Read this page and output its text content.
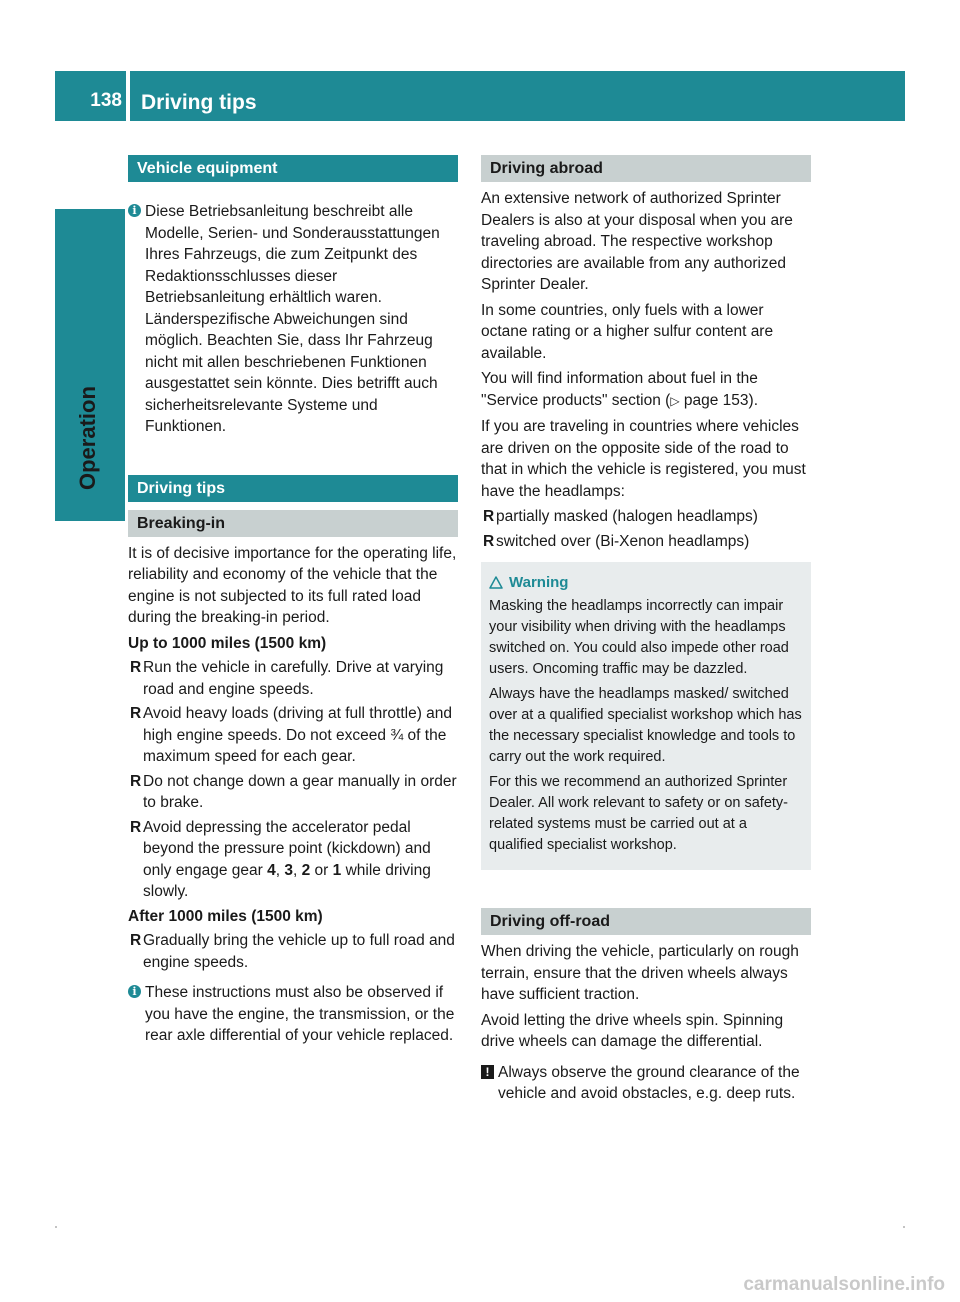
138 Driving tips
Operation
Vehicle equipment
i Diese Betriebsanleitung beschreibt alle Modelle, Serien- und Sonderausstattungen Ihres Fahrzeugs, die zum Zeitpunkt des Redaktionsschlusses dieser Betriebsanleitung erhältlich waren. Länderspezifische Abweichungen sind möglich. Beachten Sie, dass Ihr Fahrzeug nicht mit allen beschriebenen Funktionen ausgestattet sein könnte. Dies betrifft auch sicherheitsrelevante Systeme und Funktionen.
Driving tips
Breaking-in

It is of decisive importance for the operating life, reliability and economy of the vehicle that the engine is not subjected to its full rated load during the breaking-in period.

Up to 1000 miles (1500 km)

R Run the vehicle in carefully. Drive at varying road and engine speeds.
R Avoid heavy loads (driving at full throttle) and high engine speeds. Do not exceed ¾ of the maximum speed for each gear.
R Do not change down a gear manually in order to brake.
R Avoid depressing the accelerator pedal beyond the pressure point (kickdown) and only engage gear 4, 3, 2 or 1 while driving slowly.

After 1000 miles (1500 km)

R Gradually bring the vehicle up to full road and engine speeds.
i These instructions must also be observed if you have the engine, the transmission, or the rear axle differential of your vehicle replaced.
Driving abroad

An extensive network of authorized Sprinter Dealers is also at your disposal when you are traveling abroad. The respective workshop directories are available from any authorized Sprinter Dealer.

In some countries, only fuels with a lower octane rating or a higher sulfur content are available.

You will find information about fuel in the "Service products" section (▷ page 153).

If you are traveling in countries where vehicles are driven on the opposite side of the road to that in which the vehicle is registered, you must have the headlamps:

R partially masked (halogen headlamps)
R switched over (Bi-Xenon headlamps)
Warning

Masking the headlamps incorrectly can impair your visibility when driving with the headlamps switched on. You could also impede other road users. Oncoming traffic may be dazzled.

Always have the headlamps masked/ switched over at a qualified specialist workshop which has the necessary specialist knowledge and tools to carry out the work required.

For this we recommend an authorized Sprinter Dealer. All work relevant to safety or on safety-related systems must be carried out at a qualified specialist workshop.

Driving off-road

When driving the vehicle, particularly on rough terrain, ensure that the driven wheels always have sufficient traction.

Avoid letting the drive wheels spin. Spinning drive wheels can damage the differential.

! Always observe the ground clearance of the vehicle and avoid obstacles, e.g. deep ruts.
carmanualsonline.info
